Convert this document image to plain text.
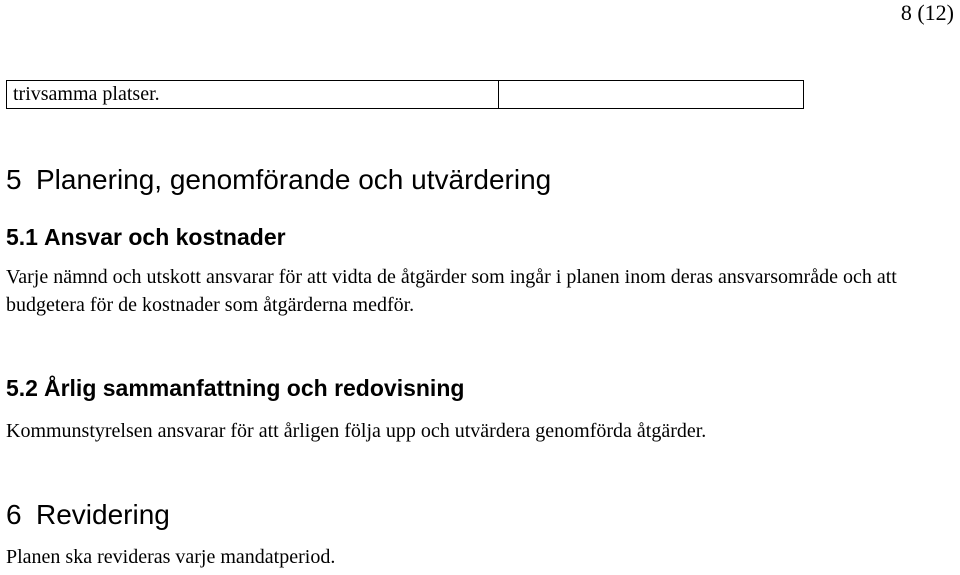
8 (12)
trivsamma platser.
5 Planering, genomförande och utvärdering
5.1 Ansvar och kostnader
Varje nämnd och utskott ansvarar för att vidta de åtgärder som ingår i planen inom deras ansvarsområde och att budgetera för de kostnader som åtgärderna medför.
5.2 Årlig sammanfattning och redovisning
Kommunstyrelsen ansvarar för att årligen följa upp och utvärdera genomförda åtgärder.
6 Revidering
Planen ska revideras varje mandatperiod.
